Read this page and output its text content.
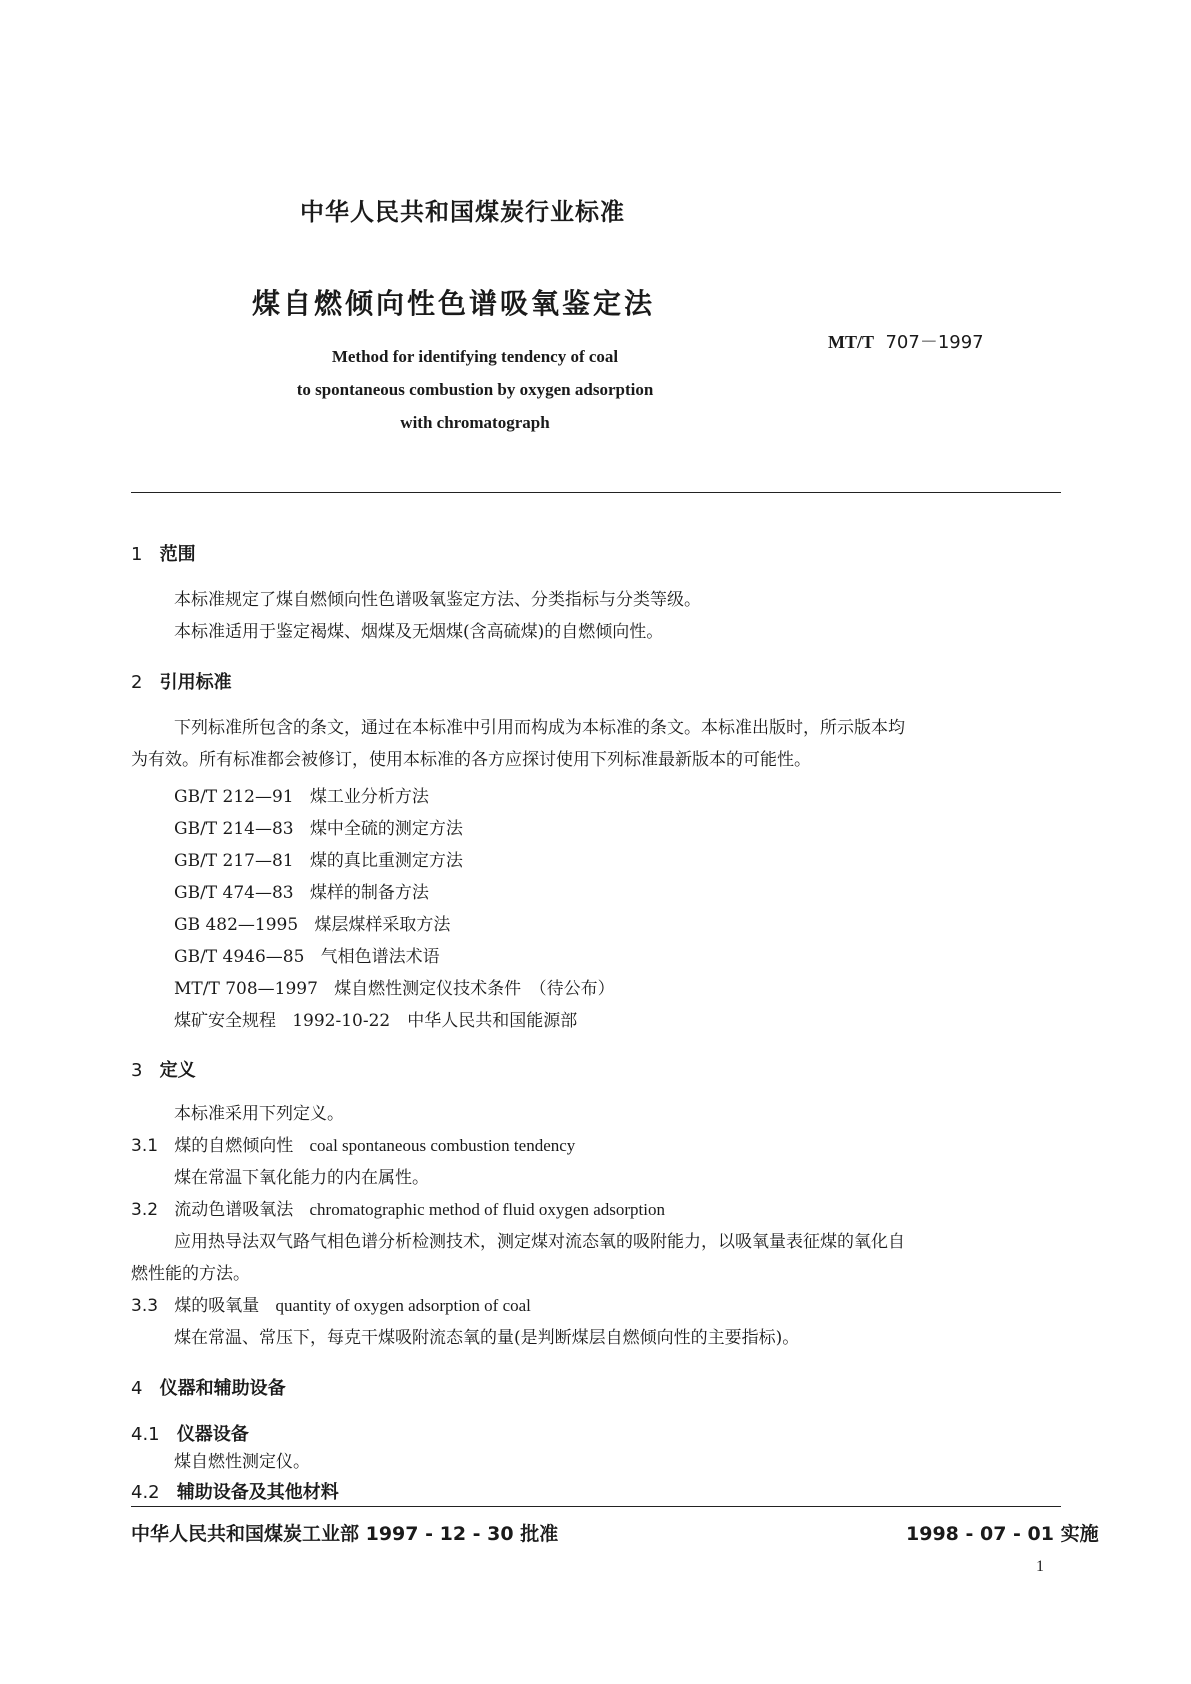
中华人民共和国煤炭行业标准
煤自燃倾向性色谱吸氧鉴定法
Method for identifying tendency of coal
to spontaneous combustion by oxygen adsorption
with chromatograph
MT/T 707－1997
1 范围
本标准规定了煤自燃倾向性色谱吸氧鉴定方法、分类指标与分类等级。
本标准适用于鉴定褐煤、烟煤及无烟煤(含高硫煤)的自燃倾向性。
2 引用标准
下列标准所包含的条文，通过在本标准中引用而构成为本标准的条文。本标准出版时，所示版本均
为有效。所有标准都会被修订，使用本标准的各方应探讨使用下列标准最新版本的可能性。
GB/T 212—91 煤工业分析方法
GB/T 214—83 煤中全硫的测定方法
GB/T 217—81 煤的真比重测定方法
GB/T 474—83 煤样的制备方法
GB 482—1995 煤层煤样采取方法
GB/T 4946—85 气相色谱法术语
MT/T 708—1997 煤自燃性测定仪技术条件　（待公布）
煤矿安全规程 1992-10-22　中华人民共和国能源部
3 定义
本标准采用下列定义。
3.1 煤的自燃倾向性 coal spontaneous combustion tendency
煤在常温下氧化能力的内在属性。
3.2 流动色谱吸氧法 chromatographic method of fluid oxygen adsorption
应用热导法双气路气相色谱分析检测技术，测定煤对流态氧的吸附能力，以吸氧量表征煤的氧化自
燃性能的方法。
3.3 煤的吸氧量 quantity of oxygen adsorption of coal
煤在常温、常压下，每克干煤吸附流态氧的量(是判断煤层自燃倾向性的主要指标)。
4 仪器和辅助设备
4.1 仪器设备
煤自燃性测定仪。
4.2 辅助设备及其他材料
中华人民共和国煤炭工业部 1997 - 12 - 30 批准	1998 - 07 - 01 实施
1
